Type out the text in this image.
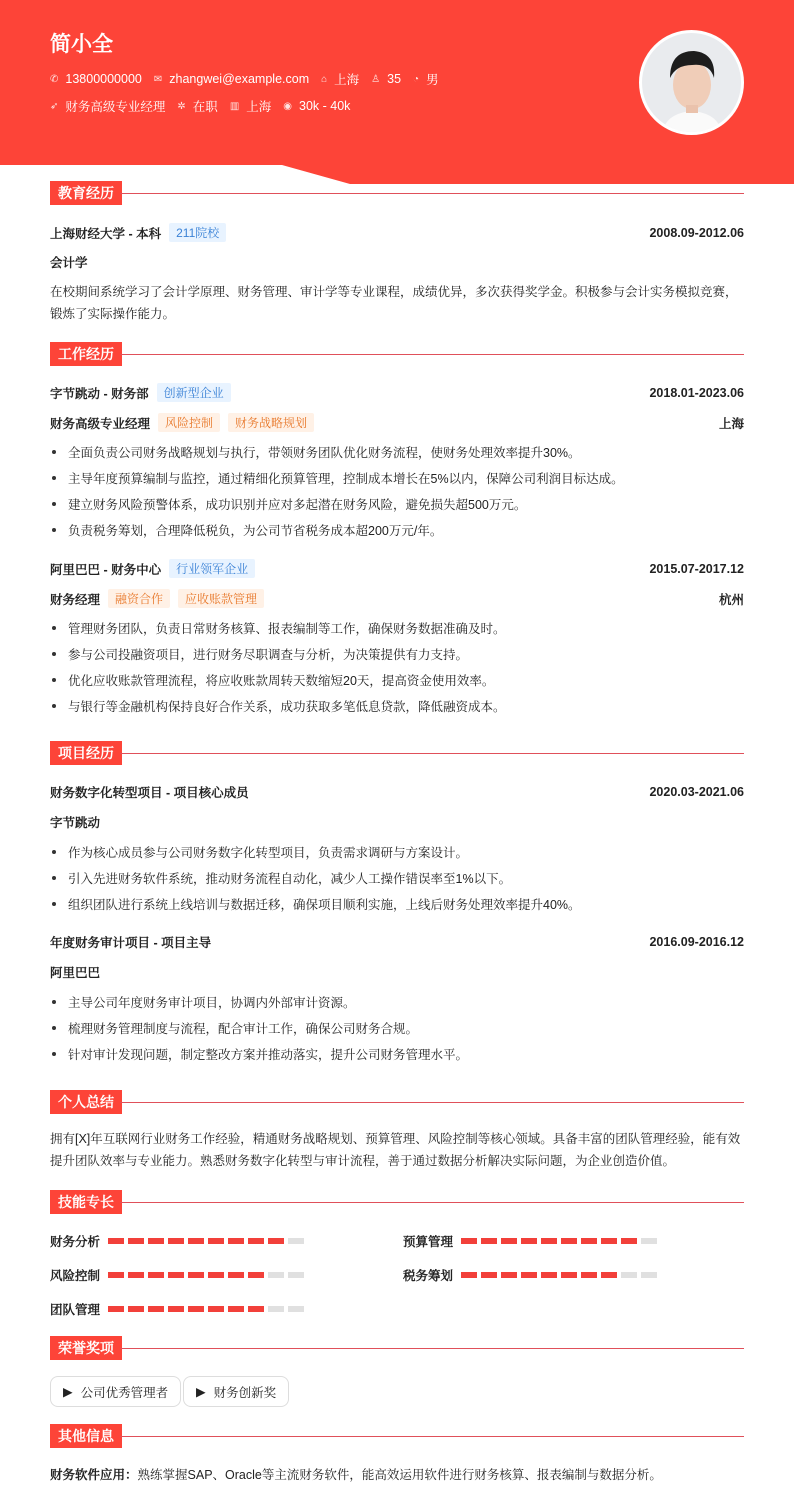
简小全
✆ 13800000000 ✉ zhangwei@example.com ⌂ 上海 ♙ 35 ◔ 男
➶ 财务高级专业经理 ✲ 在职 ▥ 上海 ◉ 30k - 40k
教育经历
上海财经大学 - 本科	211院校	2008.09-2012.06
会计学
在校期间系统学习了会计学原理、财务管理、审计学等专业课程，成绩优异，多次获得奖学金。积极参与会计实务模拟竞赛，锻炼了实际操作能力。
工作经历
字节跳动 - 财务部	创新型企业	2018.01-2023.06
财务高级专业经理	风险控制	财务战略规划	上海
全面负责公司财务战略规划与执行，带领财务团队优化财务流程，使财务处理效率提升30%。
主导年度预算编制与监控，通过精细化预算管理，控制成本增长在5%以内，保障公司利润目标达成。
建立财务风险预警体系，成功识别并应对多起潜在财务风险，避免损失超500万元。
负责税务筹划，合理降低税负，为公司节省税务成本超200万元/年。
阿里巴巴 - 财务中心	行业领军企业	2015.07-2017.12
财务经理	融资合作	应收账款管理	杭州
管理财务团队，负责日常财务核算、报表编制等工作，确保财务数据准确及时。
参与公司投融资项目，进行财务尽职调查与分析，为决策提供有力支持。
优化应收账款管理流程，将应收账款周转天数缩短20天，提高资金使用效率。
与银行等金融机构保持良好合作关系，成功获取多笔低息贷款，降低融资成本。
项目经历
财务数字化转型项目 - 项目核心成员	2020.03-2021.06
字节跳动
作为核心成员参与公司财务数字化转型项目，负责需求调研与方案设计。
引入先进财务软件系统，推动财务流程自动化，减少人工操作错误率至1%以下。
组织团队进行系统上线培训与数据迁移，确保项目顺利实施，上线后财务处理效率提升40%。
年度财务审计项目 - 项目主导	2016.09-2016.12
阿里巴巴
主导公司年度财务审计项目，协调内外部审计资源。
梳理财务管理制度与流程，配合审计工作，确保公司财务合规。
针对审计发现问题，制定整改方案并推动落实，提升公司财务管理水平。
个人总结
拥有[X]年互联网行业财务工作经验，精通财务战略规划、预算管理、风险控制等核心领域。具备丰富的团队管理经验，能有效提升团队效率与专业能力。熟悉财务数字化转型与审计流程，善于通过数据分析解决实际问题，为企业创造价值。
技能专长
财务分析	预算管理
风险控制	税务筹划
团队管理
荣誉奖项
▶ 公司优秀管理者 ▶ 财务创新奖
其他信息
财务软件应用： 熟练掌握SAP、Oracle等主流财务软件，能高效运用软件进行财务核算、报表编制与数据分析。
